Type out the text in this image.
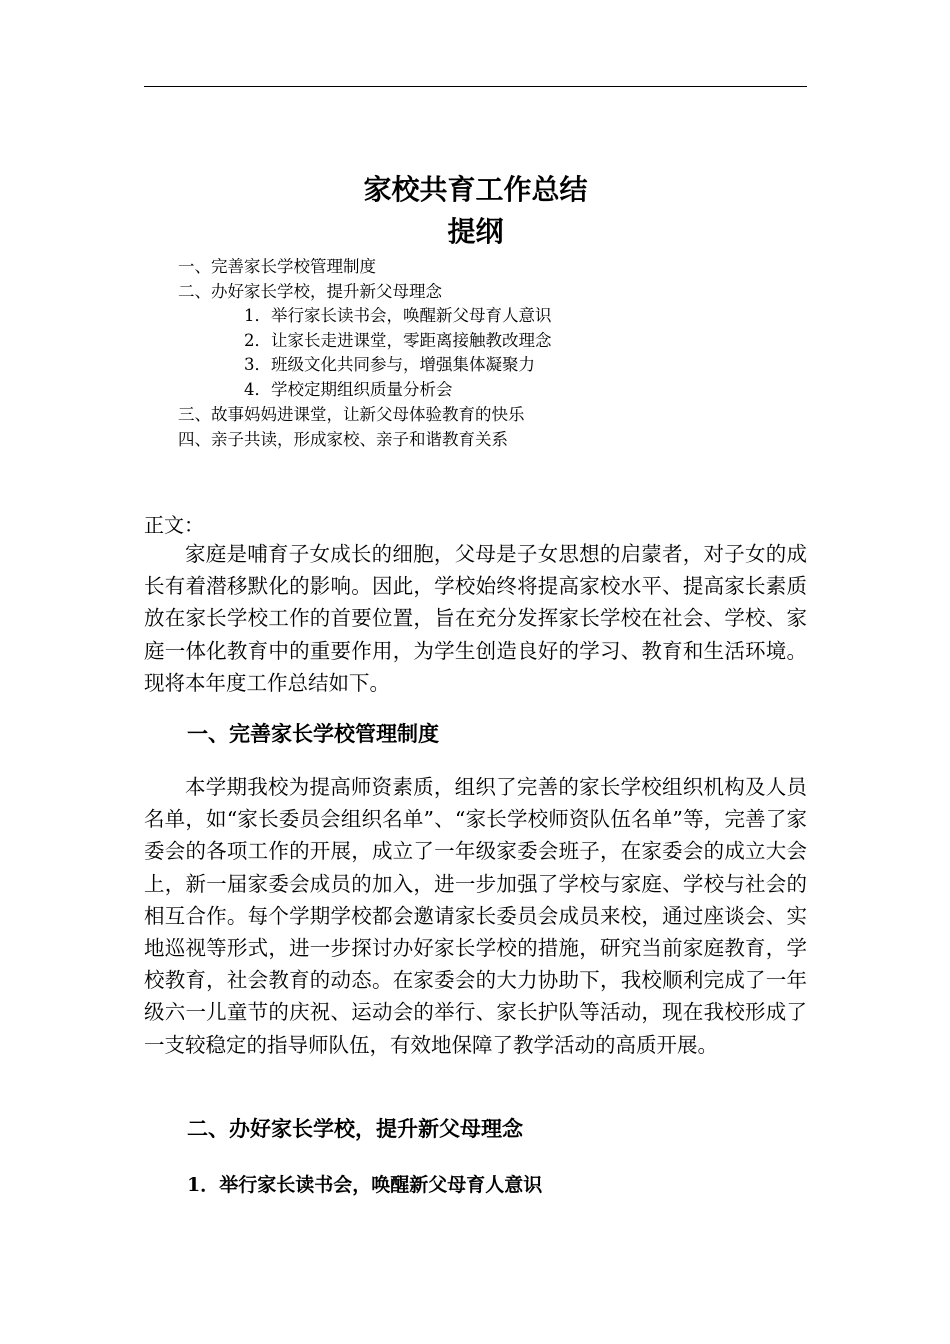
家校共育工作总结
提纲
一、完善家长学校管理制度
二、办好家长学校，提升新父母理念
1．举行家长读书会，唤醒新父母育人意识
2．让家长走进课堂，零距离接触教改理念
3．班级文化共同参与，增强集体凝聚力
4．学校定期组织质量分析会
三、故事妈妈进课堂，让新父母体验教育的快乐
四、亲子共读，形成家校、亲子和谐教育关系
正文：

家庭是哺育子女成长的细胞，父母是子女思想的启蒙者，对子女的成长有着潜移默化的影响。因此，学校始终将提高家校水平、提高家长素质放在家长学校工作的首要位置，旨在充分发挥家长学校在社会、学校、家庭一体化教育中的重要作用，为学生创造良好的学习、教育和生活环境。现将本年度工作总结如下。

一、完善家长学校管理制度

本学期我校为提高师资素质，组织了完善的家长学校组织机构及人员名单，如“家长委员会组织名单”、“家长学校师资队伍名单”等，完善了家委会的各项工作的开展，成立了一年级家委会班子，在家委会的成立大会上，新一届家委会成员的加入，进一步加强了学校与家庭、学校与社会的相互合作。每个学期学校都会邀请家长委员会成员来校，通过座谈会、实地巡视等形式，进一步探讨办好家长学校的措施，研究当前家庭教育，学校教育，社会教育的动态。在家委会的大力协助下，我校顺利完成了一年级六一儿童节的庆祝、运动会的举行、家长护队等活动，现在我校形成了一支较稳定的指导师队伍，有效地保障了教学活动的高质开展。

二、办好家长学校，提升新父母理念
1．举行家长读书会，唤醒新父母育人意识
